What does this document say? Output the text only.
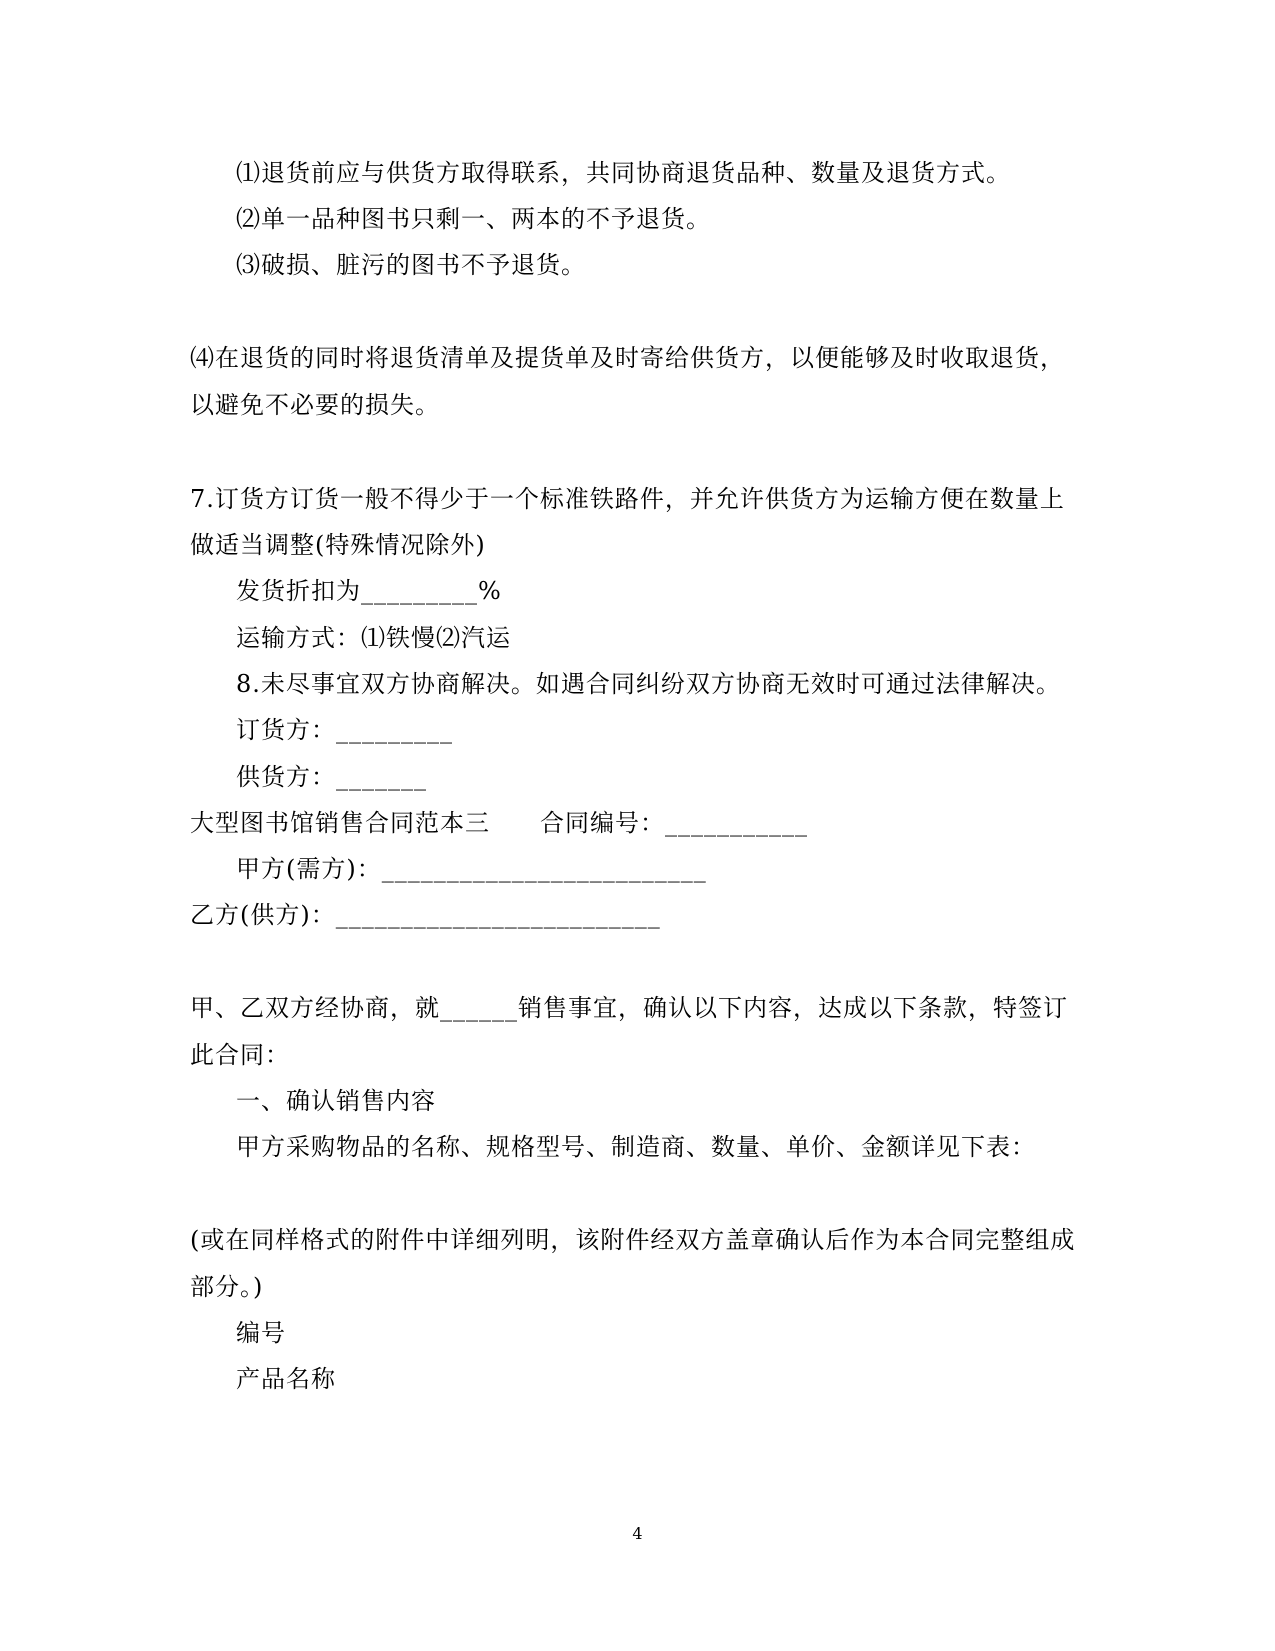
⑴退货前应与供货方取得联系，共同协商退货品种、数量及退货方式。
⑵单一品种图书只剩一、两本的不予退货。
⑶破损、脏污的图书不予退货。
⑷在退货的同时将退货清单及提货单及时寄给供货方，以便能够及时收取退货，
以避免不必要的损失。
7.订货方订货一般不得少于一个标准铁路件，并允许供货方为运输方便在数量上
做适当调整(特殊情况除外)
发货折扣为_________%
运输方式：⑴铁慢⑵汽运
8.未尽事宜双方协商解决。如遇合同纠纷双方协商无效时可通过法律解决。
订货方：_________
供货方：_______
大型图书馆销售合同范本三　　合同编号：___________
甲方(需方)：_________________________
乙方(供方)：_________________________
甲、乙双方经协商，就______销售事宜，确认以下内容，达成以下条款，特签订
此合同：
一、确认销售内容
甲方采购物品的名称、规格型号、制造商、数量、单价、金额详见下表：
(或在同样格式的附件中详细列明，该附件经双方盖章确认后作为本合同完整组成
部分。)
编号
产品名称
4
